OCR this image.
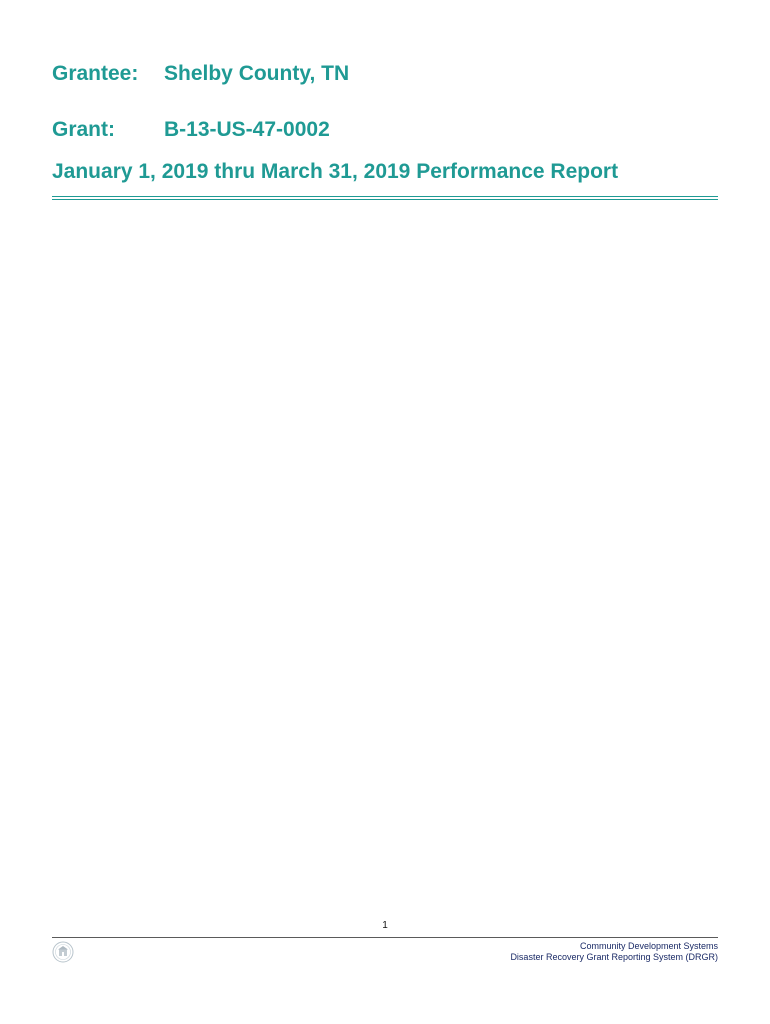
Grantee: Shelby County, TN
Grant: B-13-US-47-0002
January 1, 2019 thru March 31, 2019 Performance Report
1
Community Development Systems
Disaster Recovery Grant Reporting System (DRGR)
